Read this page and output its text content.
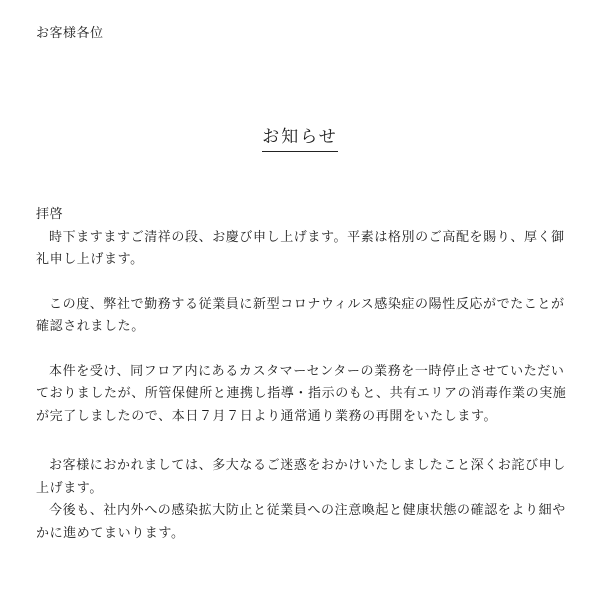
お客様各位
お知らせ

拝啓

時下ますますご清祥の段、お慶び申し上げます。平素は格別のご高配を賜り、厚く御礼申し上げます。

この度、弊社で勤務する従業員に新型コロナウィルス感染症の陽性反応がでたことが確認されました。

本件を受け、同フロア内にあるカスタマーセンターの業務を一時停止させていただいておりましたが、所管保健所と連携し指導・指示のもと、共有エリアの消毒作業の実施が完了しましたので、本日７月７日より通常通り業務の再開をいたします。

お客様におかれましては、多大なるご迷惑をおかけいたしましたこと深くお詫び申し上げます。

今後も、社内外への感染拡大防止と従業員への注意喚起と健康状態の確認をより細やかに進めてまいります。
